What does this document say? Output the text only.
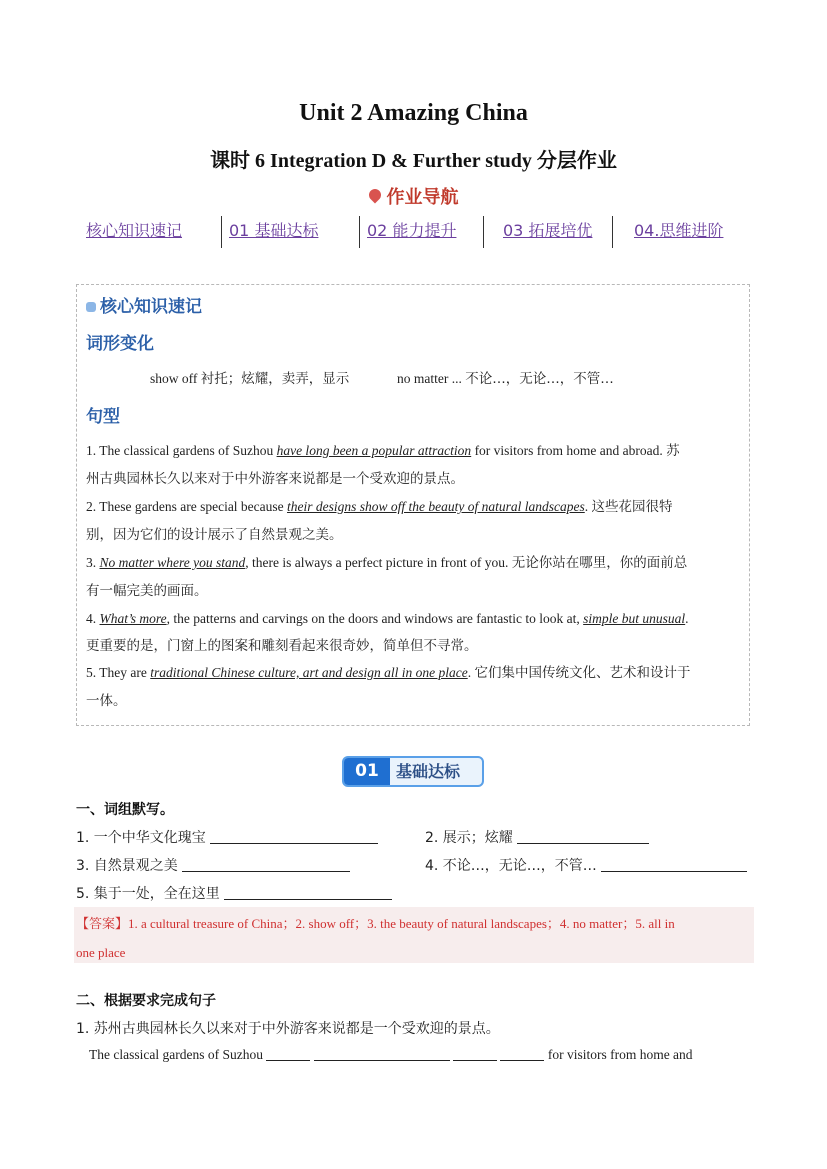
Unit 2 Amazing China
课时 6 Integration D & Further study 分层作业
作业导航
核心知识速记	01 基础达标	02 能力提升	03 拓展培优	04.思维进阶
核心知识速记
词形变化
show off 衬托；炫耀，卖弄，显示	no matter ... 不论…，无论…，不管…
句型
1. The classical gardens of Suzhou have long been a popular attraction for visitors from home and abroad. 苏
州古典园林长久以来对于中外游客来说都是一个受欢迎的景点。
2. These gardens are special because their designs show off the beauty of natural landscapes. 这些花园很特
别，因为它们的设计展示了自然景观之美。
3. No matter where you stand, there is always a perfect picture in front of you. 无论你站在哪里，你的面前总
有一幅完美的画面。
4. What’s more, the patterns and carvings on the doors and windows are fantastic to look at, simple but unusual.
更重要的是，门窗上的图案和雕刻看起来很奇妙，简单但不寻常。
5. They are traditional Chinese culture, art and design all in one place. 它们集中国传统文化、艺术和设计于
一体。
01	基础达标
一、词组默写。
1. 一个中华文化瑰宝	2. 展示；炫耀
3. 自然景观之美	4. 不论…，无论…，不管…
5. 集于一处，全在这里
【答案】1. a cultural treasure of China；2. show off；3. the beauty of natural landscapes；4. no matter；5. all in
one place
二、根据要求完成句子
1. 苏州古典园林长久以来对于中外游客来说都是一个受欢迎的景点。
The classical gardens of Suzhou	for visitors from home and
